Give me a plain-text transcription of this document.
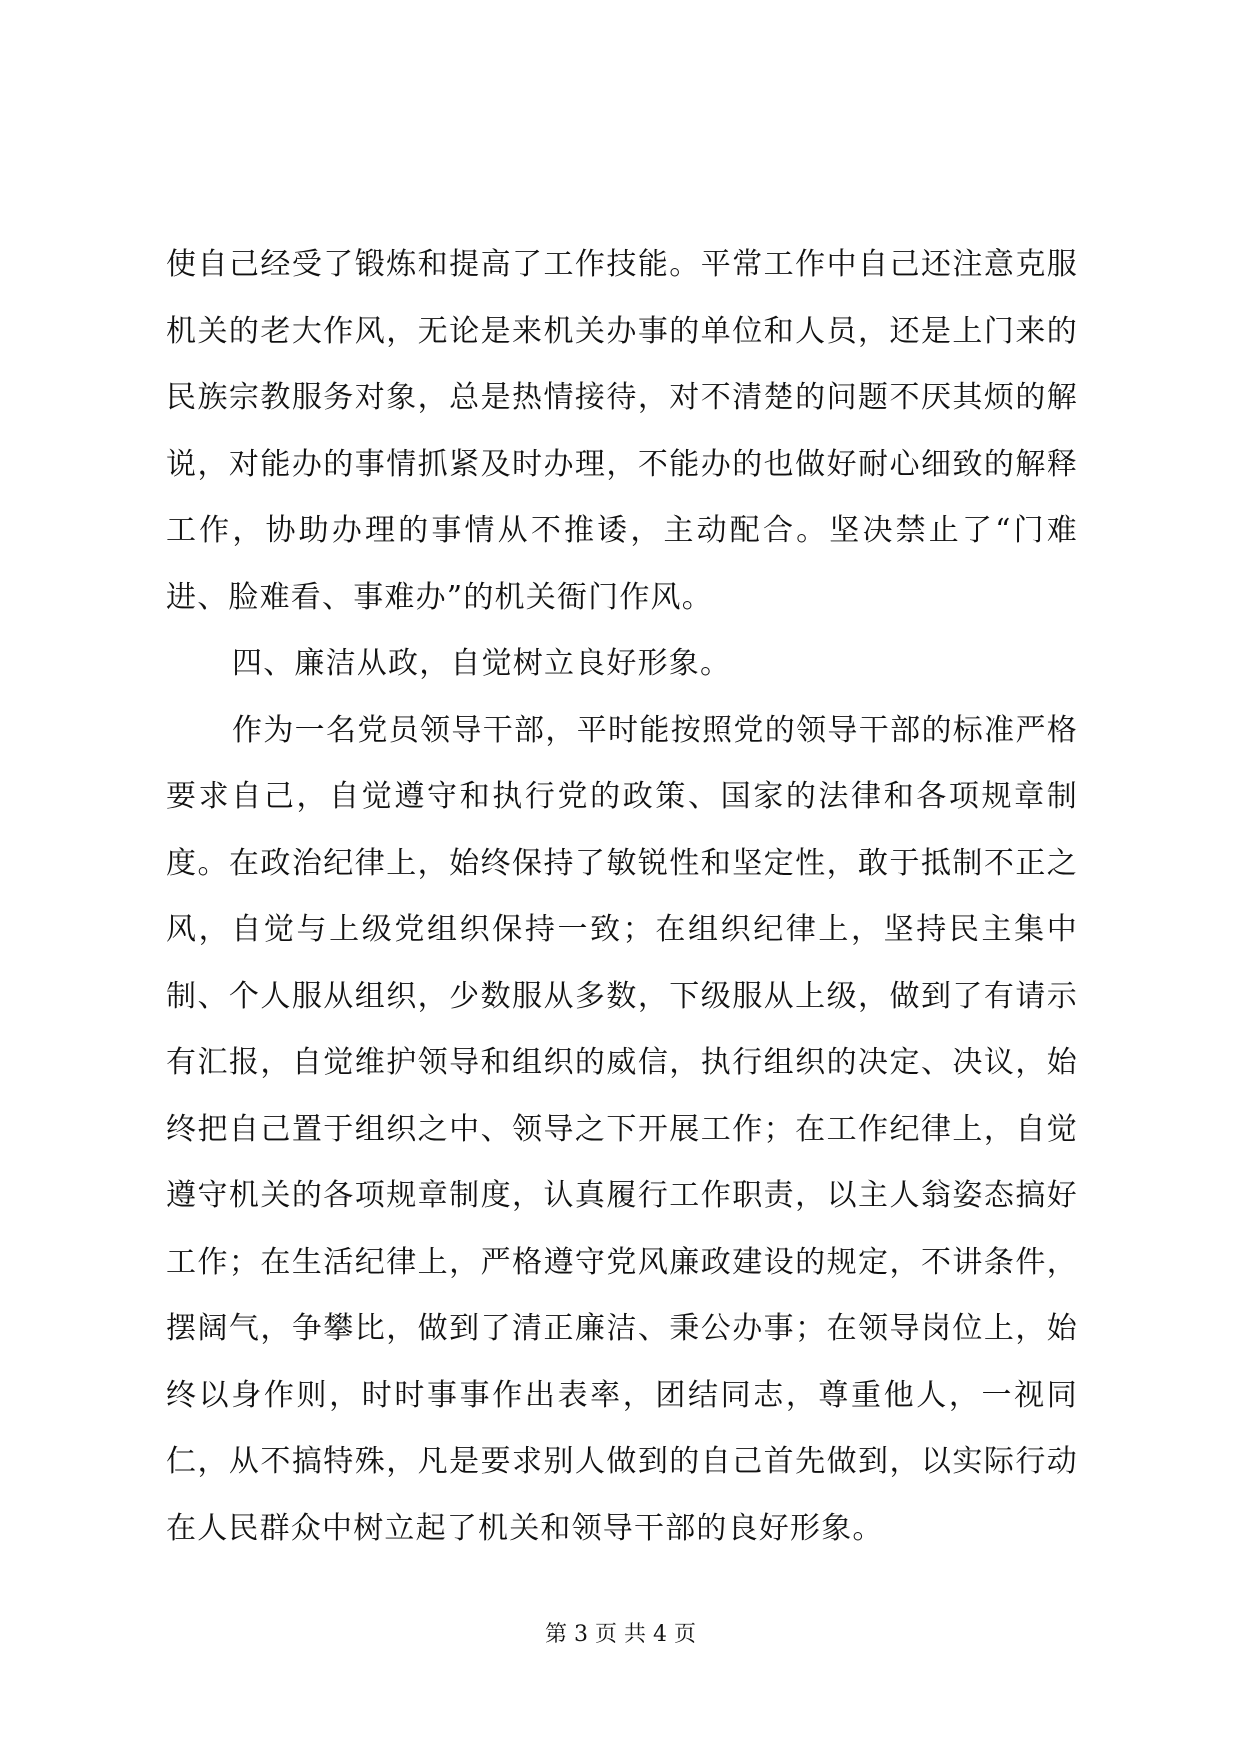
使自己经受了锻炼和提高了工作技能。平常工作中自己还注意克服机关的老大作风，无论是来机关办事的单位和人员，还是上门来的民族宗教服务对象，总是热情接待，对不清楚的问题不厌其烦的解说，对能办的事情抓紧及时办理，不能办的也做好耐心细致的解释工作，协助办理的事情从不推诿，主动配合。坚决禁止了“门难进、脸难看、事难办”的机关衙门作风。

四、廉洁从政，自觉树立良好形象。

作为一名党员领导干部，平时能按照党的领导干部的标准严格要求自己，自觉遵守和执行党的政策、国家的法律和各项规章制度。在政治纪律上，始终保持了敏锐性和坚定性，敢于抵制不正之风，自觉与上级党组织保持一致；在组织纪律上，坚持民主集中制、个人服从组织，少数服从多数，下级服从上级，做到了有请示有汇报，自觉维护领导和组织的威信，执行组织的决定、决议，始终把自己置于组织之中、领导之下开展工作；在工作纪律上，自觉遵守机关的各项规章制度，认真履行工作职责，以主人翁姿态搞好工作；在生活纪律上，严格遵守党风廉政建设的规定，不讲条件，摆阔气，争攀比，做到了清正廉洁、秉公办事；在领导岗位上，始终以身作则，时时事事作出表率，团结同志，尊重他人，一视同仁，从不搞特殊，凡是要求别人做到的自己首先做到，以实际行动在人民群众中树立起了机关和领导干部的良好形象。

第 3 页 共 4 页
